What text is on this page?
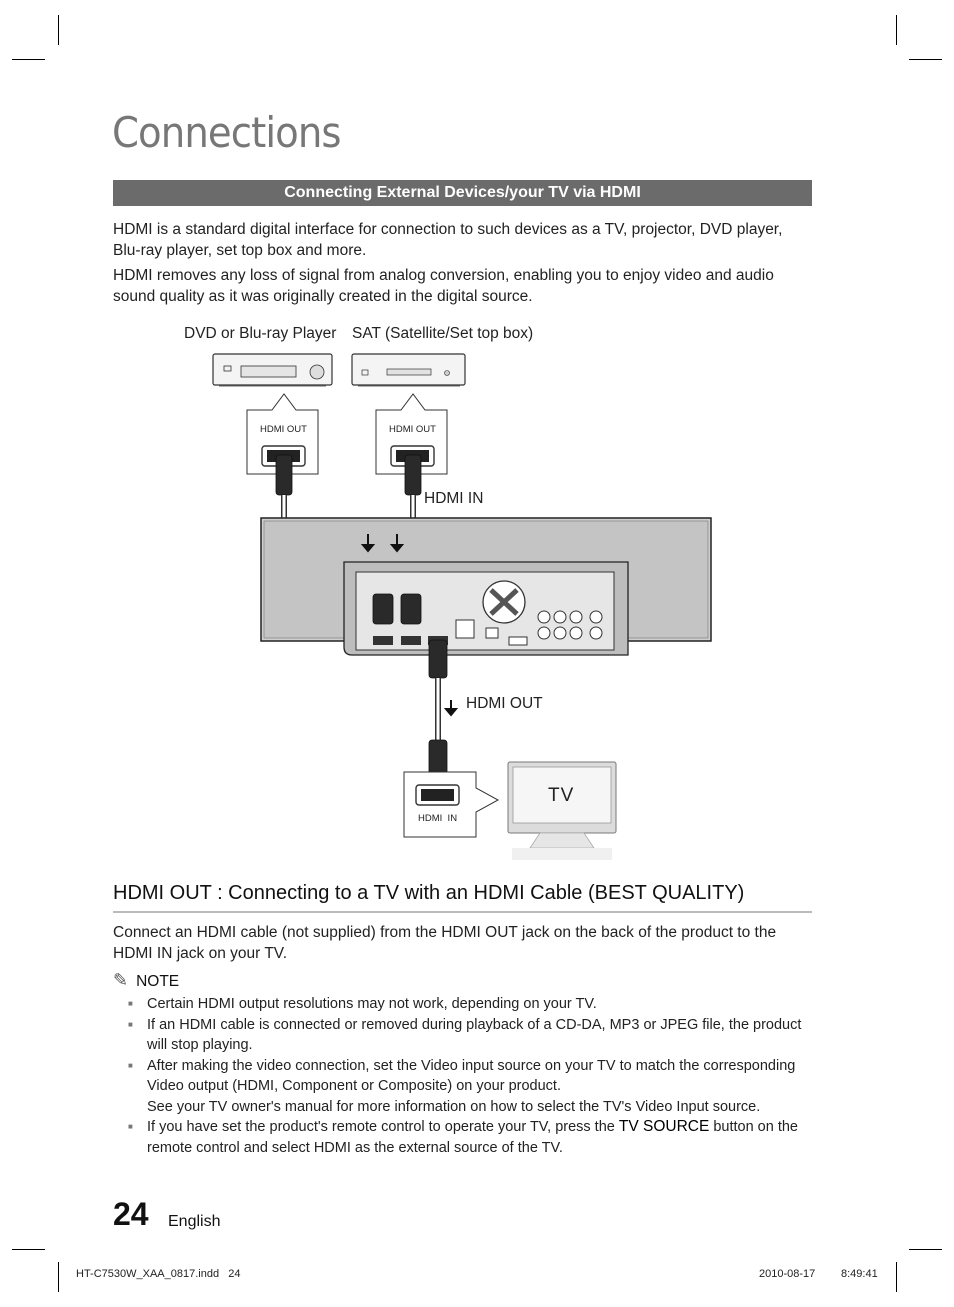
Connections
Connecting External Devices/your TV via HDMI
HDMI is a standard digital interface for connection to such devices as a TV, projector, DVD player, Blu-ray player, set top box and more.
HDMI removes any loss of signal from analog conversion, enabling you to enjoy video and audio sound quality as it was originally created in the digital source.
DVD or Blu-ray Player SAT (Satellite/Set top box)
HDMI OUT	HDMI OUT
HDMI IN
HDMI OUT
HDMI  IN
TV
HDMI OUT : Connecting to a TV with an HDMI Cable (BEST QUALITY)
Connect an HDMI cable (not supplied) from the HDMI OUT jack on the back of the product to the HDMI IN jack on your TV.
✎ NOTE
■ Certain HDMI output resolutions may not work, depending on your TV.
■ If an HDMI cable is connected or removed during playback of a CD-DA, MP3 or JPEG file, the product will stop playing.
■ After making the video connection, set the Video input source on your TV to match the corresponding Video output (HDMI, Component or Composite) on your product.
See your TV owner's manual for more information on how to select the TV's Video Input source.
■ If you have set the product's remote control to operate your TV, press the TV SOURCE button on the remote control and select HDMI as the external source of the TV.
24 English
HT-C7530W_XAA_0817.indd   24	2010-08-17 8:49:41
